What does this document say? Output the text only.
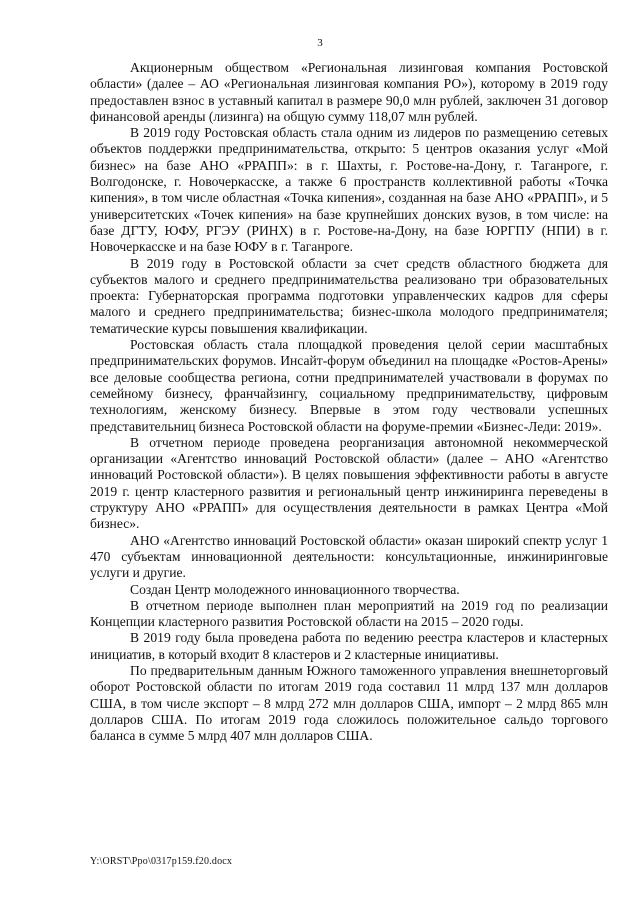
3

Акционерным обществом «Региональная лизинговая компания Ростовской области» (далее – АО «Региональная лизинговая компания РО»), которому в 2019 году предоставлен взнос в уставный капитал в размере 90,0 млн рублей, заключен 31 договор финансовой аренды (лизинга) на общую сумму 118,07 млн рублей.

В 2019 году Ростовская область стала одним из лидеров по размещению сетевых объектов поддержки предпринимательства, открыто: 5 центров оказания услуг «Мой бизнес» на базе АНО «РРАПП»: в г. Шахты, г. Ростове-на-Дону, г. Таганроге, г. Волгодонске, г. Новочеркасске, а также 6 пространств коллективной работы «Точка кипения», в том числе областная «Точка кипения», созданная на базе АНО «РРАПП», и 5 университетских «Точек кипения» на базе крупнейших донских вузов, в том числе: на базе ДГТУ, ЮФУ, РГЭУ (РИНХ) в г. Ростове-на-Дону, на базе ЮРГПУ (НПИ) в г. Новочеркасске и на базе ЮФУ в г. Таганроге.

В 2019 году в Ростовской области за счет средств областного бюджета для субъектов малого и среднего предпринимательства реализовано три образовательных проекта: Губернаторская программа подготовки управленческих кадров для сферы малого и среднего предпринимательства; бизнес-школа молодого предпринимателя; тематические курсы повышения квалификации.

Ростовская область стала площадкой проведения целой серии масштабных предпринимательских форумов. Инсайт-форум объединил на площадке «Ростов-Арены» все деловые сообщества региона, сотни предпринимателей участвовали в форумах по семейному бизнесу, франчайзингу, социальному предпринимательству, цифровым технологиям, женскому бизнесу. Впервые в этом году чествовали успешных представительниц бизнеса Ростовской области на форуме-премии «Бизнес-Леди: 2019».

В отчетном периоде проведена реорганизация автономной некоммерческой организации «Агентство инноваций Ростовской области» (далее – АНО «Агентство инноваций Ростовской области»). В целях повышения эффективности работы в августе 2019 г. центр кластерного развития и региональный центр инжиниринга переведены в структуру АНО «РРАПП» для осуществления деятельности в рамках Центра «Мой бизнес».

АНО «Агентство инноваций Ростовской области» оказан широкий спектр услуг 1 470 субъектам инновационной деятельности: консультационные, инжиниринговые услуги и другие.

Создан Центр молодежного инновационного творчества.

В отчетном периоде выполнен план мероприятий на 2019 год по реализации Концепции кластерного развития Ростовской области на 2015 – 2020 годы.

В 2019 году была проведена работа по ведению реестра кластеров и кластерных инициатив, в который входит 8 кластеров и 2 кластерные инициативы.

По предварительным данным Южного таможенного управления внешнеторговый оборот Ростовской области по итогам 2019 года составил 11 млрд 137 млн долларов США, в том числе экспорт – 8 млрд 272 млн долларов США, импорт – 2 млрд 865 млн долларов США. По итогам 2019 года сложилось положительное сальдо торгового баланса в сумме 5 млрд 407 млн долларов США.

Y:\ORST\Ppo\0317p159.f20.docx
